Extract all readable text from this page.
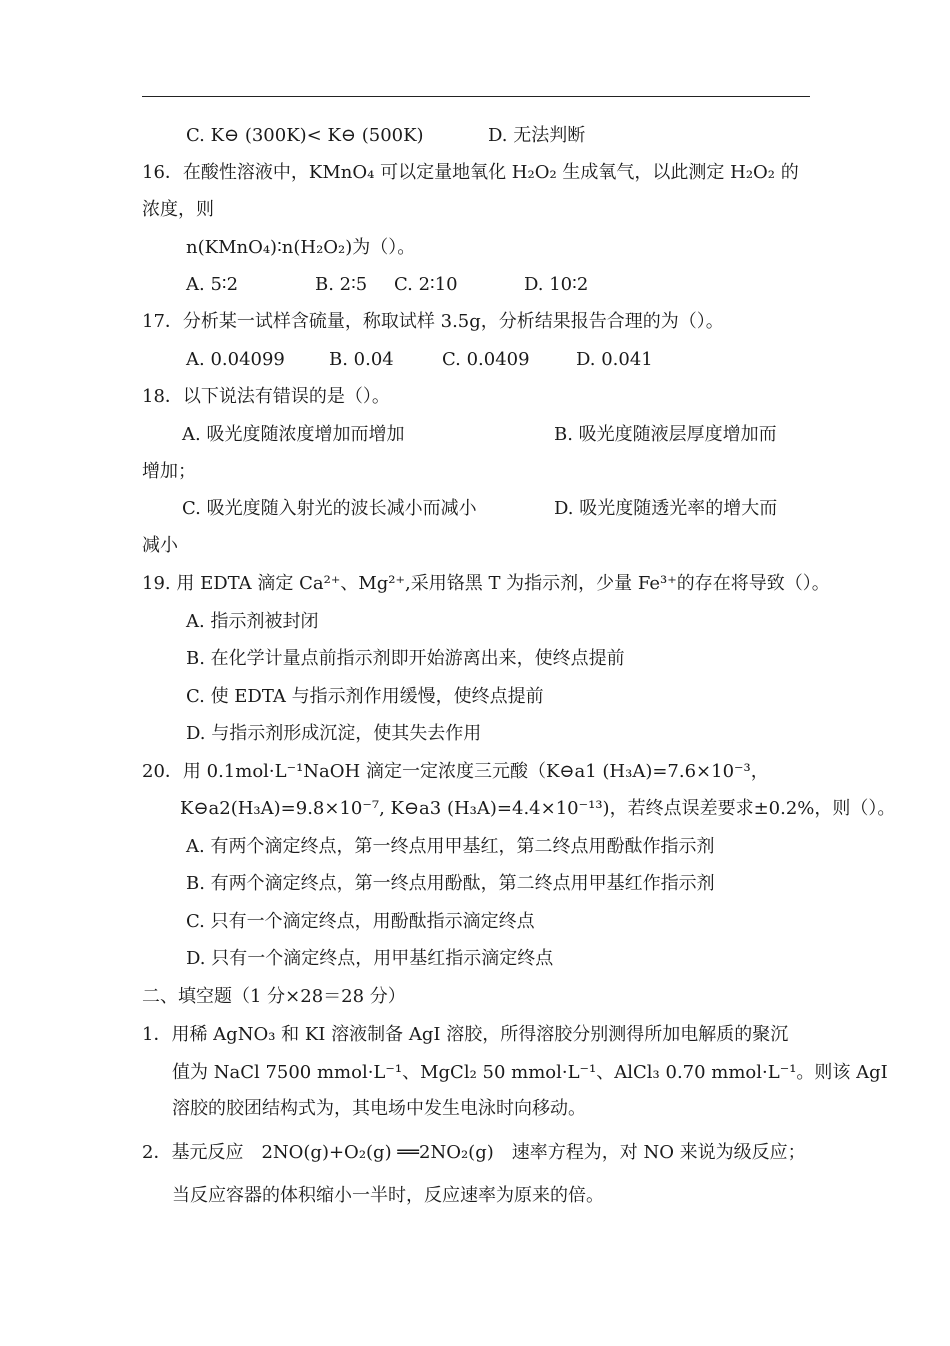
C. K⊖ (300K)< K⊖ (500K)	D. 无法判断
16．在酸性溶液中，KMnO₄ 可以定量地氧化 H₂O₂ 生成氧气，以此测定 H₂O₂ 的
浓度，则
n(KMnO₄)∶n(H₂O₂)为（）。
A. 5∶2	B. 2∶5 C. 2∶10	D. 10∶2
17．分析某一试样含硫量，称取试样 3.5g，分析结果报告合理的为（）。
A. 0.04099 B. 0.04	C. 0.0409	D. 0.041
18．以下说法有错误的是（）。
A. 吸光度随浓度增加而增加	B. 吸光度随液层厚度增加而
增加；
C. 吸光度随入射光的波长减小而减小	D. 吸光度随透光率的增大而
减小
19. 用 EDTA 滴定 Ca²⁺、Mg²⁺,采用铬黑 T 为指示剂，少量 Fe³⁺的存在将导致（）。
A. 指示剂被封闭
B. 在化学计量点前指示剂即开始游离出来，使终点提前
C. 使 EDTA 与指示剂作用缓慢，使终点提前
D. 与指示剂形成沉淀，使其失去作用
20．用 0.1mol·L⁻¹NaOH 滴定一定浓度三元酸（K⊖a1 (H₃A)=7.6×10⁻³，
K⊖a2(H₃A)=9.8×10⁻⁷, K⊖a3 (H₃A)=4.4×10⁻¹³)，若终点误差要求±0.2%，则（）。
A. 有两个滴定终点，第一终点用甲基红，第二终点用酚酞作指示剂
B. 有两个滴定终点，第一终点用酚酞，第二终点用甲基红作指示剂
C. 只有一个滴定终点，用酚酞指示滴定终点
D. 只有一个滴定终点，用甲基红指示滴定终点
二、填空题（1 分×28＝28 分）
1．用稀 AgNO₃ 和 KI 溶液制备 AgI 溶胶，所得溶胶分别测得所加电解质的聚沉
值为 NaCl 7500 mmol·L⁻¹、MgCl₂ 50 mmol·L⁻¹、AlCl₃ 0.70 mmol·L⁻¹。则该 AgI
溶胶的胶团结构式为，其电场中发生电泳时向移动。
2．基元反应　2NO(g)+O₂(g) ══2NO₂(g)　速率方程为，对 NO 来说为级反应；
当反应容器的体积缩小一半时，反应速率为原来的倍。
